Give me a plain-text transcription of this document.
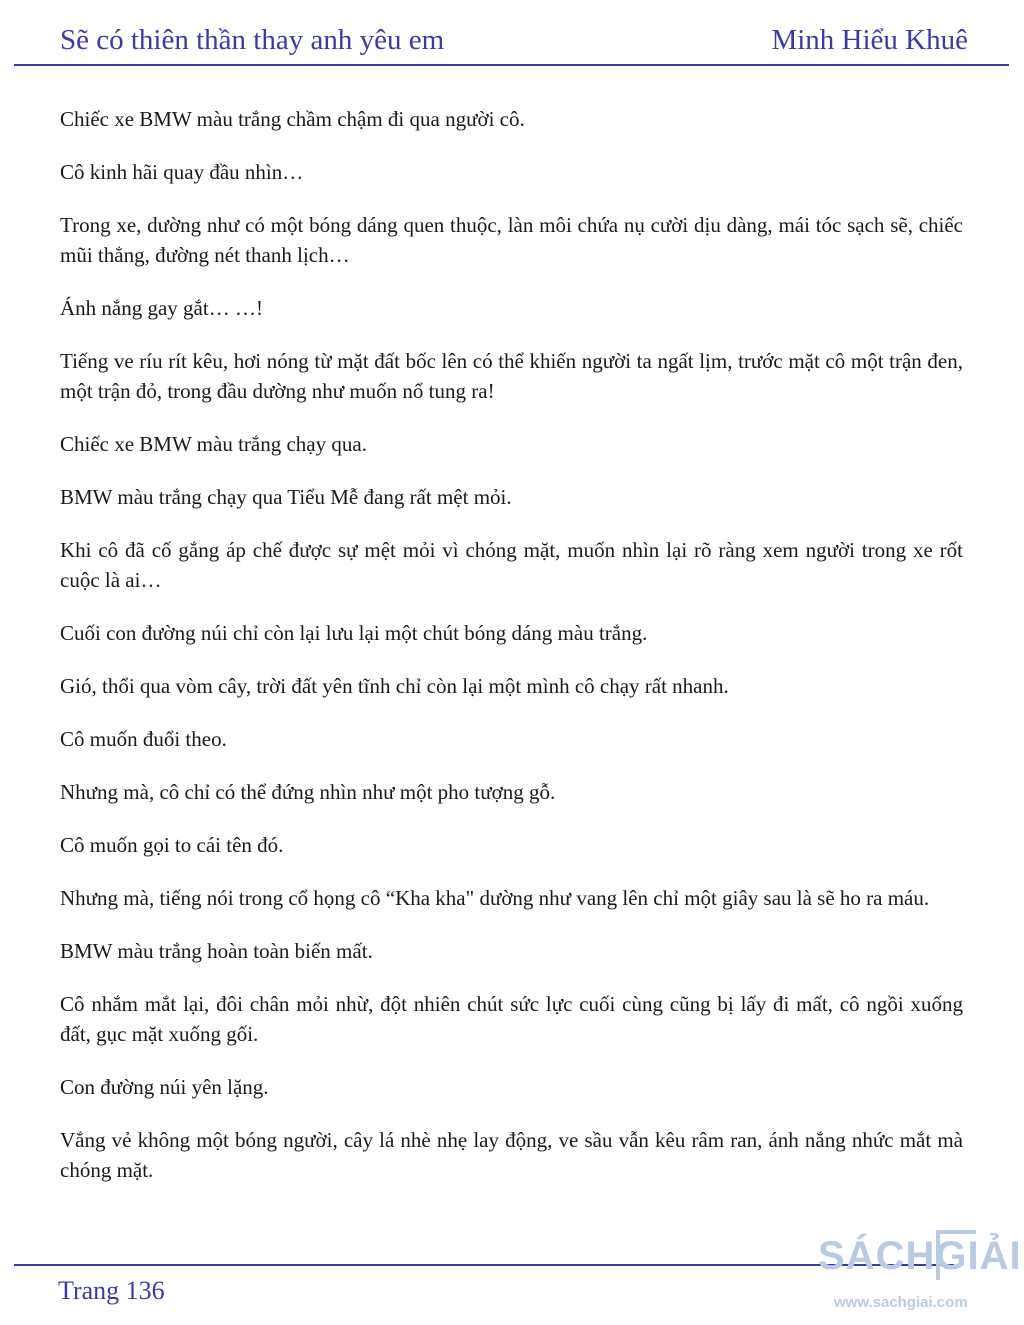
Sẽ có thiên thần thay anh yêu em	Minh Hiểu Khuê

Chiếc xe BMW màu trắng chầm chậm đi qua người cô.

Cô kinh hãi quay đầu nhìn…

Trong xe, dường như có một bóng dáng quen thuộc, làn môi chứa nụ cười dịu dàng, mái tóc sạch sẽ, chiếc mũi thẳng, đường nét thanh lịch…

Ánh nắng gay gắt… …!

Tiếng ve ríu rít kêu, hơi nóng từ mặt đất bốc lên có thể khiến người ta ngất lịm, trước mặt cô một trận đen, một trận đỏ, trong đầu dường như muốn nổ tung ra!

Chiếc xe BMW màu trắng chạy qua.

BMW màu trắng chạy qua Tiểu Mễ đang rất mệt mỏi.

Khi cô đã cố gắng áp chế được sự mệt mỏi vì chóng mặt, muốn nhìn lại rõ ràng xem người trong xe rốt cuộc là ai…

Cuối con đường núi chỉ còn lại lưu lại một chút bóng dáng màu trắng.

Gió, thổi qua vòm cây, trời đất yên tĩnh chỉ còn lại một mình cô chạy rất nhanh.

Cô muốn đuổi theo.

Nhưng mà, cô chỉ có thể đứng nhìn như một pho tượng gỗ.

Cô muốn gọi to cái tên đó.

Nhưng mà, tiếng nói trong cổ họng cô “Kha kha" dường như vang lên chỉ một giây sau là sẽ ho ra máu.

BMW màu trắng hoàn toàn biến mất.

Cô nhắm mắt lại, đôi chân mỏi nhừ, đột nhiên chút sức lực cuối cùng cũng bị lấy đi mất, cô ngồi xuống đất, gục mặt xuống gối.

Con đường núi yên lặng.

Vắng vẻ không một bóng người, cây lá nhè nhẹ lay động, ve sầu vẫn kêu râm ran, ánh nắng nhức mắt mà chóng mặt.

Trang 136
SÁCHGIẢI
www.sachgiai.com
